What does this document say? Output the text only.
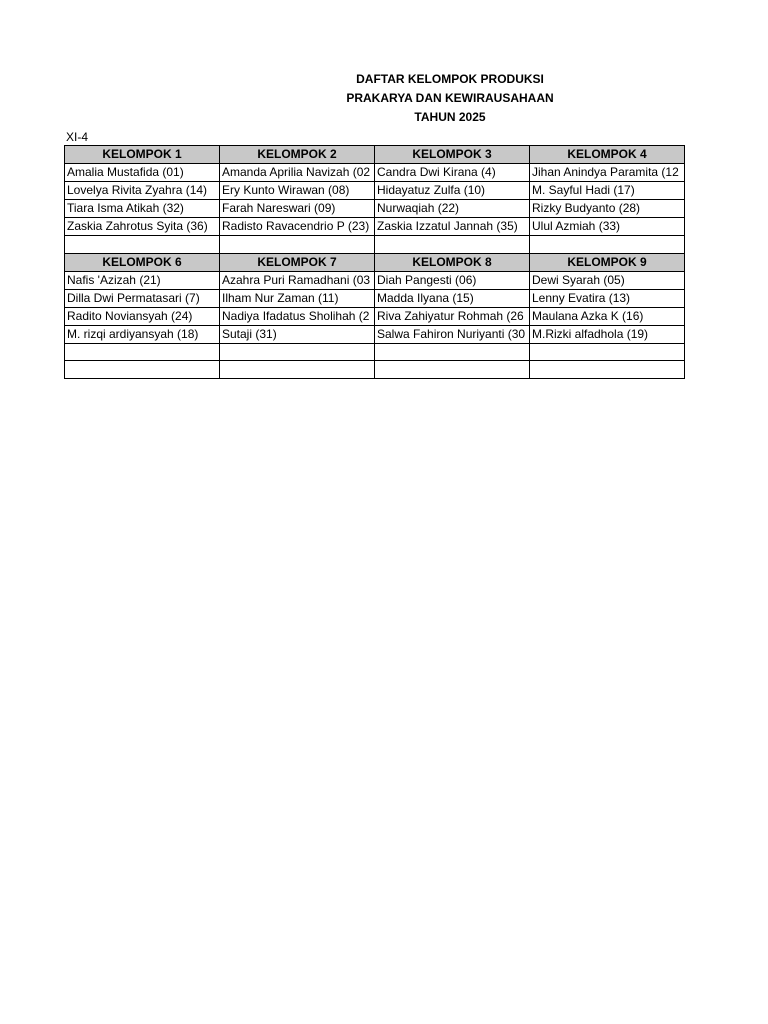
DAFTAR KELOMPOK PRODUKSI
PRAKARYA DAN KEWIRAUSAHAAN
TAHUN 2025
XI-4
KELOMPOK 1	KELOMPOK 2	KELOMPOK 3	KELOMPOK 4
Amalia Mustafida (01)	Amanda Aprilia Navizah (02	Candra Dwi Kirana (4)	Jihan Anindya Paramita (12
Lovelya Rivita Zyahra (14)	Ery Kunto Wirawan (08)	Hidayatuz Zulfa (10)	M. Sayful Hadi (17)
Tiara Isma Atikah (32)	Farah Nareswari (09)	Nurwaqiah (22)	Rizky Budyanto (28)
Zaskia Zahrotus Syita (36)	Radisto Ravacendrio P (23)	Zaskia Izzatul Jannah (35)	Ulul Azmiah (33)

KELOMPOK 6	KELOMPOK 7	KELOMPOK 8	KELOMPOK 9
Nafis 'Azizah (21)	Azahra Puri Ramadhani (03	Diah Pangesti (06)	Dewi Syarah (05)
Dilla Dwi Permatasari (7)	Ilham Nur Zaman (11)	Madda Ilyana (15)	Lenny Evatira (13)
Radito Noviansyah (24)	Nadiya Ifadatus Sholihah (2	Riva Zahiyatur Rohmah (26	Maulana Azka K (16)
M. rizqi ardiyansyah (18)	Sutaji (31)	Salwa Fahiron Nuriyanti (30	M.Rizki alfadhola (19)
